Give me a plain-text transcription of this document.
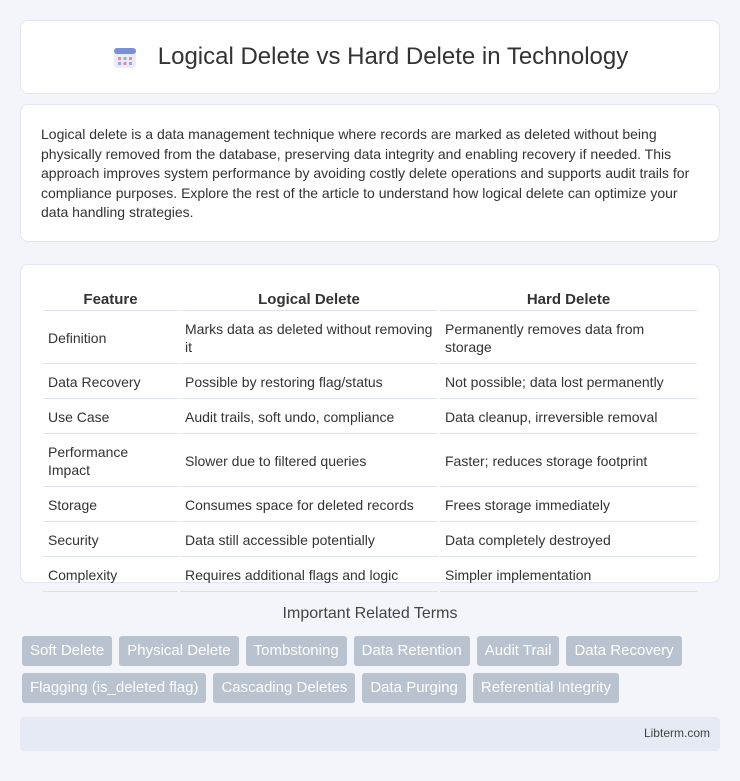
Logical Delete vs Hard Delete in Technology

Logical delete is a data management technique where records are marked as deleted without being physically removed from the database, preserving data integrity and enabling recovery if needed. This approach improves system performance by avoiding costly delete operations and supports audit trails for compliance purposes. Explore the rest of the article to understand how logical delete can optimize your data handling strategies.

Feature	Logical Delete	Hard Delete
Definition	Marks data as deleted without removing it	Permanently removes data from storage
Data Recovery	Possible by restoring flag/status	Not possible; data lost permanently
Use Case	Audit trails, soft undo, compliance	Data cleanup, irreversible removal
Performance Impact	Slower due to filtered queries	Faster; reduces storage footprint
Storage	Consumes space for deleted records	Frees storage immediately
Security	Data still accessible potentially	Data completely destroyed
Complexity	Requires additional flags and logic	Simpler implementation
Important Related Terms
Soft Delete	Physical Delete	Tombstoning	Data Retention	Audit Trail	Data Recovery
Flagging (is_deleted flag)	Cascading Deletes	Data Purging	Referential Integrity
Libterm.com
